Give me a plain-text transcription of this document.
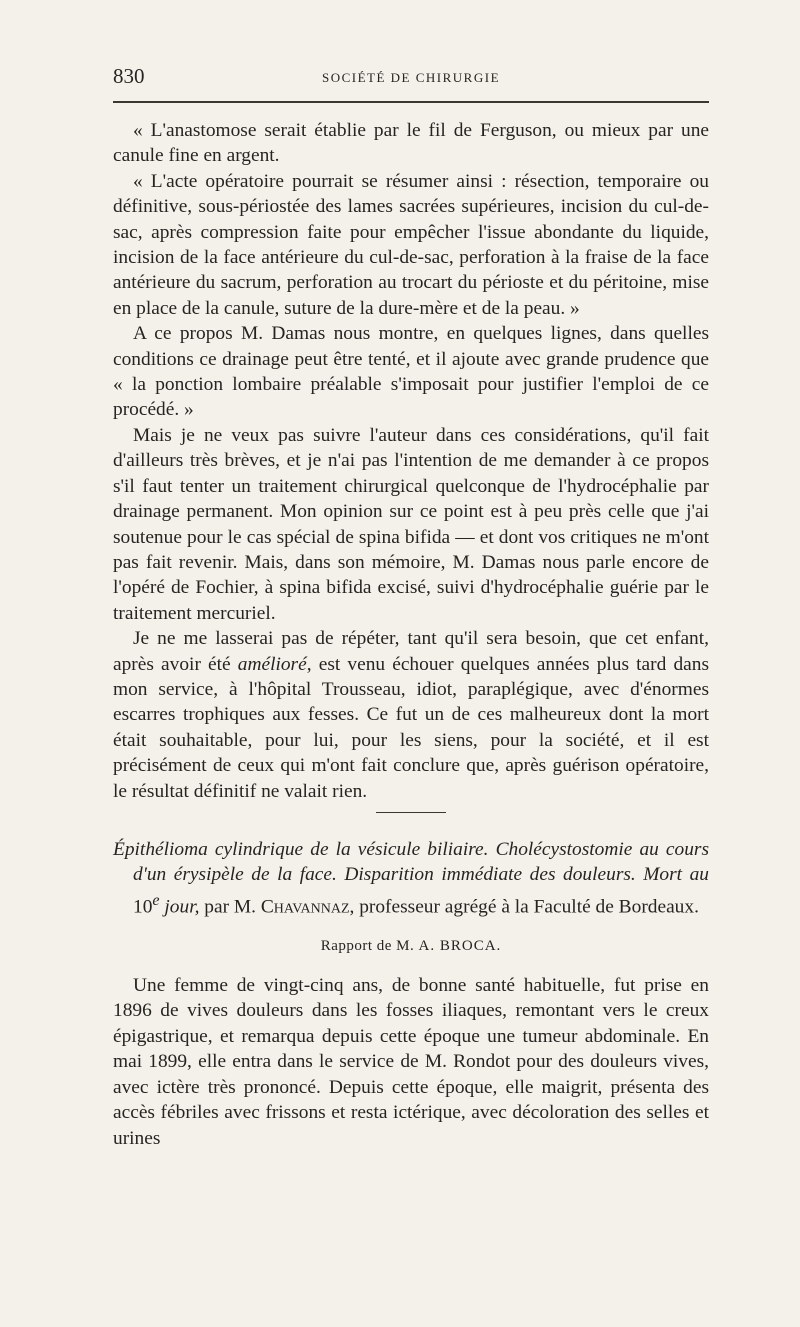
830	SOCIÉTÉ DE CHIRURGIE

« L'anastomose serait établie par le fil de Ferguson, ou mieux par une canule fine en argent.

« L'acte opératoire pourrait se résumer ainsi : résection, temporaire ou définitive, sous-périostée des lames sacrées supérieures, incision du cul-de-sac, après compression faite pour empêcher l'issue abondante du liquide, incision de la face antérieure du cul-de-sac, perforation à la fraise de la face antérieure du sacrum, perforation au trocart du périoste et du péritoine, mise en place de la canule, suture de la dure-mère et de la peau. »

A ce propos M. Damas nous montre, en quelques lignes, dans quelles conditions ce drainage peut être tenté, et il ajoute avec grande prudence que « la ponction lombaire préalable s'imposait pour justifier l'emploi de ce procédé. »

Mais je ne veux pas suivre l'auteur dans ces considérations, qu'il fait d'ailleurs très brèves, et je n'ai pas l'intention de me demander à ce propos s'il faut tenter un traitement chirurgical quelconque de l'hydrocéphalie par drainage permanent. Mon opinion sur ce point est à peu près celle que j'ai soutenue pour le cas spécial de spina bifida — et dont vos critiques ne m'ont pas fait revenir. Mais, dans son mémoire, M. Damas nous parle encore de l'opéré de Fochier, à spina bifida excisé, suivi d'hydrocéphalie guérie par le traitement mercuriel.

Je ne me lasserai pas de répéter, tant qu'il sera besoin, que cet enfant, après avoir été amélioré, est venu échouer quelques années plus tard dans mon service, à l'hôpital Trousseau, idiot, paraplégique, avec d'énormes escarres trophiques aux fesses. Ce fut un de ces malheureux dont la mort était souhaitable, pour lui, pour les siens, pour la société, et il est précisément de ceux qui m'ont fait conclure que, après guérison opératoire, le résultat définitif ne valait rien.

Épithélioma cylindrique de la vésicule biliaire. Cholécystostomie au cours d'un érysipèle de la face. Disparition immédiate des douleurs. Mort au 10e jour, par M. Chavannaz, professeur agrégé à la Faculté de Bordeaux.
Rapport de M. A. BROCA.

Une femme de vingt-cinq ans, de bonne santé habituelle, fut prise en 1896 de vives douleurs dans les fosses iliaques, remontant vers le creux épigastrique, et remarqua depuis cette époque une tumeur abdominale. En mai 1899, elle entra dans le service de M. Rondot pour des douleurs vives, avec ictère très prononcé. Depuis cette époque, elle maigrit, présenta des accès fébriles avec frissons et resta ictérique, avec décoloration des selles et urines
